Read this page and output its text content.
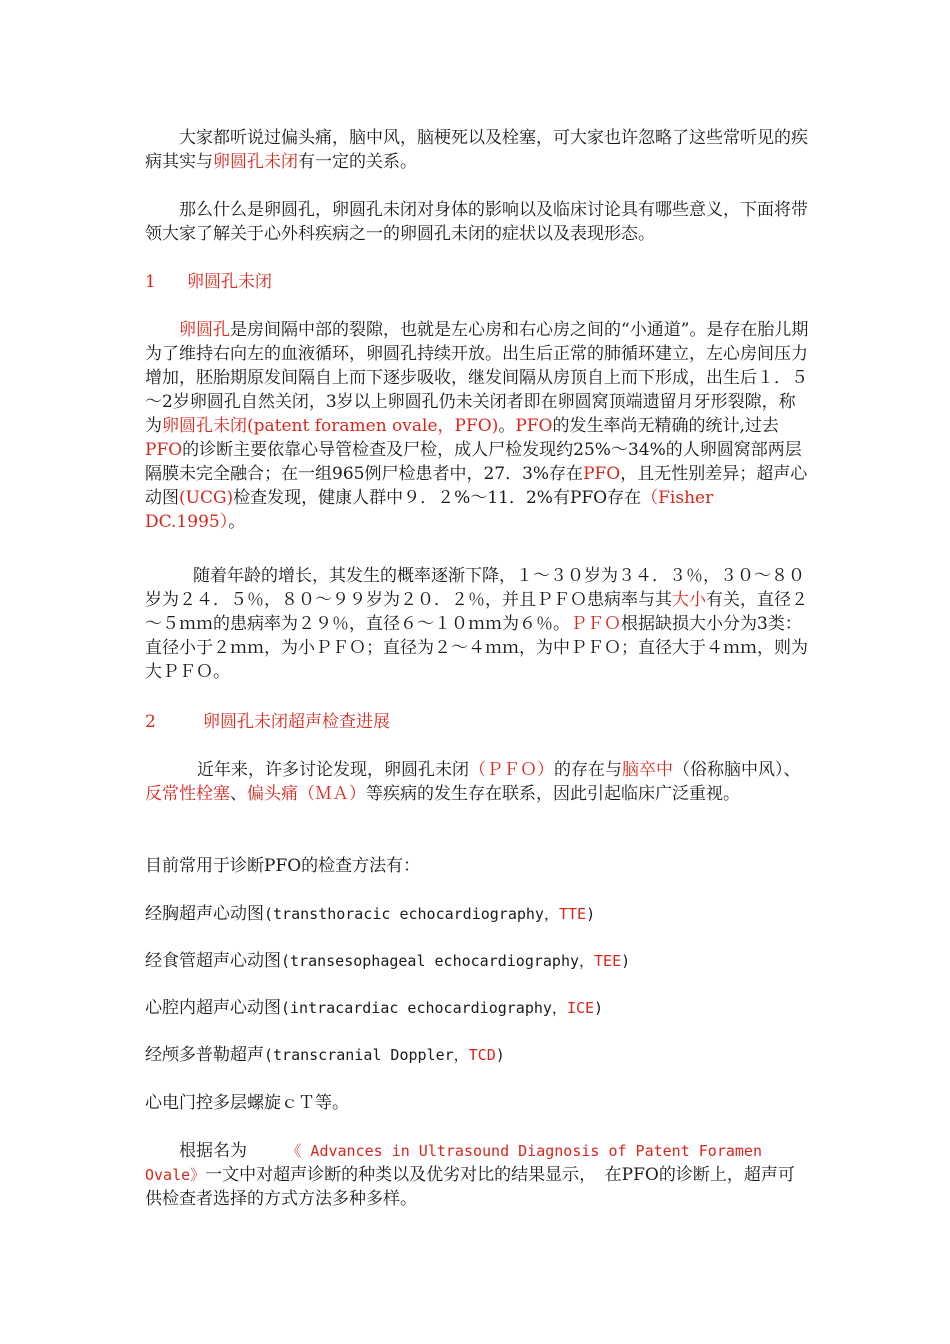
大家都听说过偏头痛，脑中风，脑梗死以及栓塞，可大家也许忽略了这些常听见的疾病其实与卵圆孔未闭有一定的关系。

那么什么是卵圆孔，卵圆孔未闭对身体的影响以及临床讨论具有哪些意义，下面将带领大家了解关于心外科疾病之一的卵圆孔未闭的症状以及表现形态。

1 卵圆孔未闭

卵圆孔是房间隔中部的裂隙，也就是左心房和右心房之间的“小通道”。是存在胎儿期为了维持右向左的血液循环，卵圆孔持续开放。出生后正常的肺循环建立，左心房间压力增加，胚胎期原发间隔自上而下逐步吸收，继发间隔从房顶自上而下形成，出生后１．５～2岁卵圆孔自然关闭，3岁以上卵圆孔仍未关闭者即在卵圆窝顶端遗留月牙形裂隙，称为卵圆孔未闭(patent foramen ovale，PFO)。PFO的发生率尚无精确的统计,过去PFO的诊断主要依靠心导管检查及尸检，成人尸检发现约25%～34%的人卵圆窝部两层隔膜未完全融合；在一组965例尸检患者中，27．3%存在PFO，且无性别差异；超声心动图(UCG)检查发现，健康人群中９．２%～11．2%有PFO存在（Fisher DC.1995）。

随着年龄的增长，其发生的概率逐渐下降，１～３０岁为３４．３％，３０～８０岁为２４．５％，８０～９９岁为２０．２％，并且ＰＦＯ患病率与其大小有关，直径２～５ｍｍ的患病率为２９％，直径６～１０ｍｍ为６％。ＰＦＯ根据缺损大小分为3类：直径小于２ｍｍ，为小ＰＦＯ；直径为２～４ｍｍ，为中ＰＦＯ；直径大于４ｍｍ，则为大ＰＦＯ。

2	卵圆孔未闭超声检查进展

近年来，许多讨论发现，卵圆孔未闭（ＰＦＯ）的存在与脑卒中（俗称脑中风）、反常性栓塞、偏头痛（ＭＡ）等疾病的发生存在联系，因此引起临床广泛重视。

目前常用于诊断PFO的检查方法有：

经胸超声心动图(transthoracic echocardiography，TTE)

经食管超声心动图(transesophageal echocardiography，TEE)

心腔内超声心动图(intracardiac echocardiography，ICE)

经颅多普勒超声(transcranial Doppler，TCD)

心电门控多层螺旋ｃＴ等。

根据名为　　	《 Advances in Ultrasound Diagnosis of Patent Foramen Ovale》一文中对超声诊断的种类以及优劣对比的结果显示，　在PFO的诊断上，超声可供检查者选择的方式方法多种多样。
